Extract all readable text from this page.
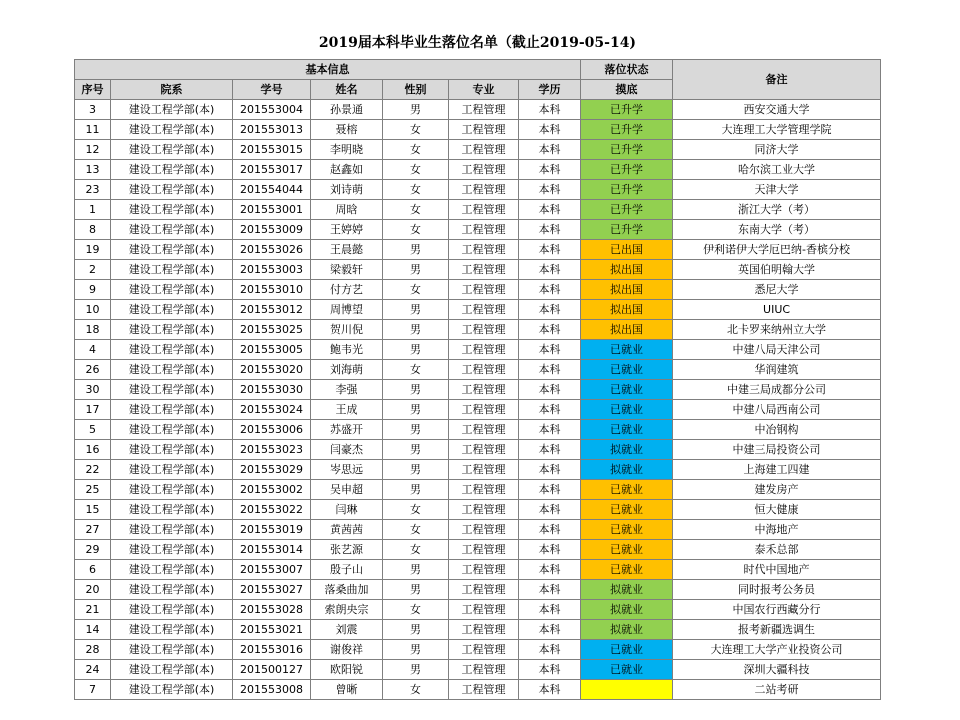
2019届本科毕业生落位名单（截止2019-05-14)
基本信息							落位状态	备注
序号	院系	学号	姓名	性别	专业	学历	摸底	
3	建设工程学部(本)	201553004	孙景通	男	工程管理	本科	已升学	西安交通大学
11	建设工程学部(本)	201553013	聂榕	女	工程管理	本科	已升学	大连理工大学管理学院
12	建设工程学部(本)	201553015	李明晓	女	工程管理	本科	已升学	同济大学
13	建设工程学部(本)	201553017	赵鑫如	女	工程管理	本科	已升学	哈尔滨工业大学
23	建设工程学部(本)	201554044	刘诗萌	女	工程管理	本科	已升学	天津大学
1	建设工程学部(本)	201553001	周晗	女	工程管理	本科	已升学	浙江大学（考）
8	建设工程学部(本)	201553009	王婷婷	女	工程管理	本科	已升学	东南大学（考）
19	建设工程学部(本)	201553026	王晨懿	男	工程管理	本科	已出国	伊利诺伊大学厄巴纳-香槟分校
2	建设工程学部(本)	201553003	梁毅轩	男	工程管理	本科	拟出国	英国伯明翰大学
9	建设工程学部(本)	201553010	付方艺	女	工程管理	本科	拟出国	悉尼大学
10	建设工程学部(本)	201553012	周博望	男	工程管理	本科	拟出国	UIUC
18	建设工程学部(本)	201553025	贺川倪	男	工程管理	本科	拟出国	北卡罗来纳州立大学
4	建设工程学部(本)	201553005	鲍韦光	男	工程管理	本科	已就业	中建八局天津公司
26	建设工程学部(本)	201553020	刘海萌	女	工程管理	本科	已就业	华润建筑
30	建设工程学部(本)	201553030	李强	男	工程管理	本科	已就业	中建三局成都分公司
17	建设工程学部(本)	201553024	王成	男	工程管理	本科	已就业	中建八局西南公司
5	建设工程学部(本)	201553006	苏盛开	男	工程管理	本科	已就业	中冶钢构
16	建设工程学部(本)	201553023	闫豪杰	男	工程管理	本科	拟就业	中建三局投资公司
22	建设工程学部(本)	201553029	岑思远	男	工程管理	本科	拟就业	上海建工四建
25	建设工程学部(本)	201553002	吴申超	男	工程管理	本科	已就业	建发房产
15	建设工程学部(本)	201553022	闫琳	女	工程管理	本科	已就业	恒大健康
27	建设工程学部(本)	201553019	黄茜茜	女	工程管理	本科	已就业	中海地产
29	建设工程学部(本)	201553014	张艺源	女	工程管理	本科	已就业	泰禾总部
6	建设工程学部(本)	201553007	殷子山	男	工程管理	本科	已就业	时代中国地产
20	建设工程学部(本)	201553027	落桑曲加	男	工程管理	本科	拟就业	同时报考公务员
21	建设工程学部(本)	201553028	索朗央宗	女	工程管理	本科	拟就业	中国农行西藏分行
14	建设工程学部(本)	201553021	刘震	男	工程管理	本科	拟就业	报考新疆选调生
28	建设工程学部(本)	201553016	谢俊祥	男	工程管理	本科	已就业	大连理工大学产业投资公司
24	建设工程学部(本)	201500127	欧阳锐	男	工程管理	本科	已就业	深圳大疆科技
7	建设工程学部(本)	201553008	曾晰	女	工程管理	本科		二站考研
